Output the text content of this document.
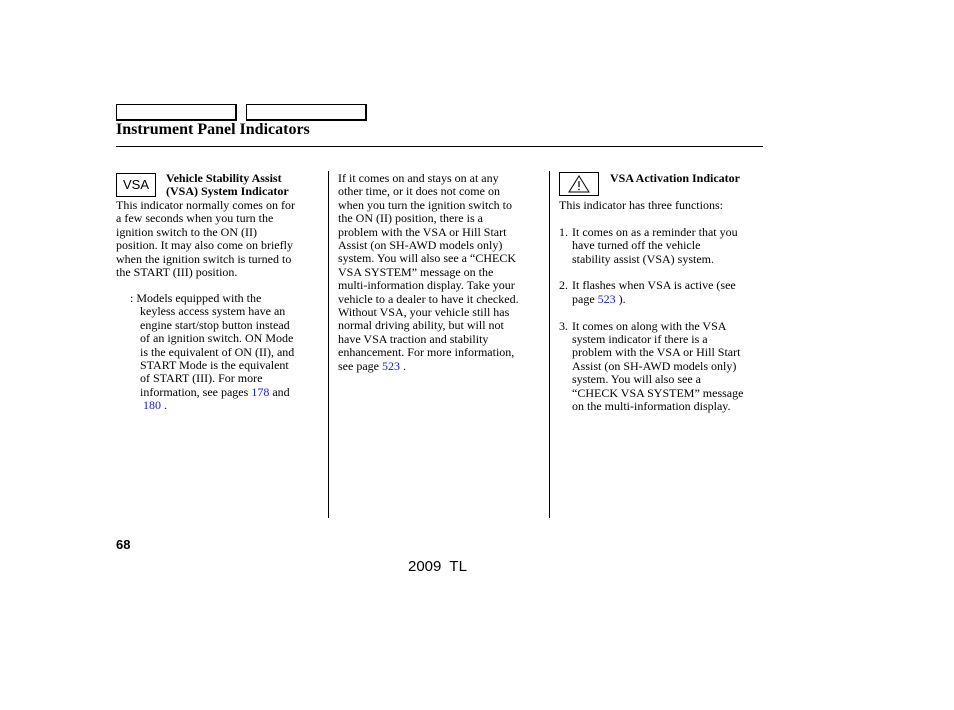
Instrument Panel Indicators
VSA	Vehicle Stability Assist
(VSA) System Indicator
This indicator normally comes on for
a few seconds when you turn the
ignition switch to the ON (II)
position. It may also come on briefly
when the ignition switch is turned to
the START (III) position.
: Models equipped with the
keyless access system have an
engine start/stop button instead
of an ignition switch. ON Mode
is the equivalent of ON (II), and
START Mode is the equivalent
of START (III). For more
information, see pages 178 and
180 .
If it comes on and stays on at any
other time, or it does not come on
when you turn the ignition switch to
the ON (II) position, there is a
problem with the VSA or Hill Start
Assist (on SH-AWD models only)
system. You will also see a “CHECK
VSA SYSTEM” message on the
multi-information display. Take your
vehicle to a dealer to have it checked.
Without VSA, your vehicle still has
normal driving ability, but will not
have VSA traction and stability
enhancement. For more information,
see page 523 .
VSA Activation Indicator
This indicator has three functions:
1. It comes on as a reminder that you
have turned off the vehicle
stability assist (VSA) system.
2. It flashes when VSA is active (see
page 523 ).
3. It comes on along with the VSA
system indicator if there is a
problem with the VSA or Hill Start
Assist (on SH-AWD models only)
system. You will also see a
“CHECK VSA SYSTEM” message
on the multi-information display.
68
2009  TL
